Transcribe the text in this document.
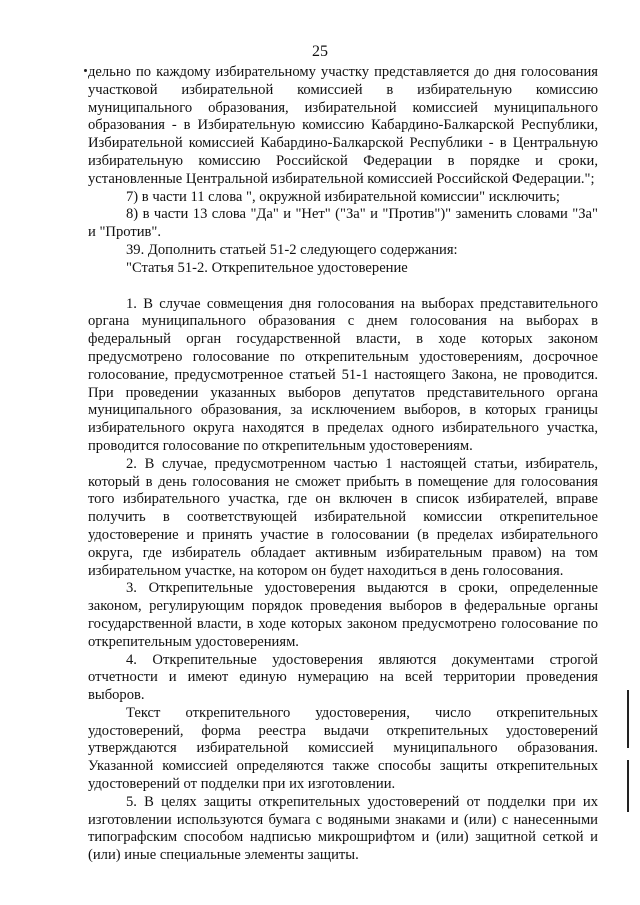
25

дельно по каждому избирательному участку представляется до дня голосования участковой избирательной комиссией в избирательную комиссию муниципального образования, избирательной комиссией муниципального образования - в Избирательную комиссию Кабардино-Балкарской Республики, Избирательной комиссией Кабардино-Балкарской Республики - в Центральную избирательную комиссию Российской Федерации в порядке и сроки, установленные Центральной избирательной комиссией Российской Федерации.";

7) в части 11 слова ", окружной избирательной комиссии" исключить;

8) в части 13 слова "Да" и "Нет" ("За" и "Против")" заменить словами "За" и "Против".

39. Дополнить статьей 51-2 следующего содержания:

"Статья 51-2. Открепительное удостоверение

1. В случае совмещения дня голосования на выборах представительного органа муниципального образования с днем голосования на выборах в федеральный орган государственной власти, в ходе которых законом предусмотрено голосование по открепительным удостоверениям, досрочное голосование, предусмотренное статьей 51-1 настоящего Закона, не проводится. При проведении указанных выборов депутатов представительного органа муниципального образования, за исключением выборов, в которых границы избирательного округа находятся в пределах одного избирательного участка, проводится голосование по открепительным удостоверениям.

2. В случае, предусмотренном частью 1 настоящей статьи, избиратель, который в день голосования не сможет прибыть в помещение для голосования того избирательного участка, где он включен в список избирателей, вправе получить в соответствующей избирательной комиссии открепительное удостоверение и принять участие в голосовании (в пределах избирательного округа, где избиратель обладает активным избирательным правом) на том избирательном участке, на котором он будет находиться в день голосования.

3. Открепительные удостоверения выдаются в сроки, определенные законом, регулирующим порядок проведения выборов в федеральные органы государственной власти, в ходе которых законом предусмотрено голосование по открепительным удостоверениям.

4. Открепительные удостоверения являются документами строгой отчетности и имеют единую нумерацию на всей территории проведения выборов.

Текст открепительного удостоверения, число открепительных удостоверений, форма реестра выдачи открепительных удостоверений утверждаются избирательной комиссией муниципального образования. Указанной комиссией определяются также способы защиты открепительных удостоверений от подделки при их изготовлении.

5. В целях защиты открепительных удостоверений от подделки при их изготовлении используются бумага с водяными знаками и (или) с нанесенными типографским способом надписью микрошрифтом и (или) защитной сеткой и (или) иные специальные элементы защиты.
